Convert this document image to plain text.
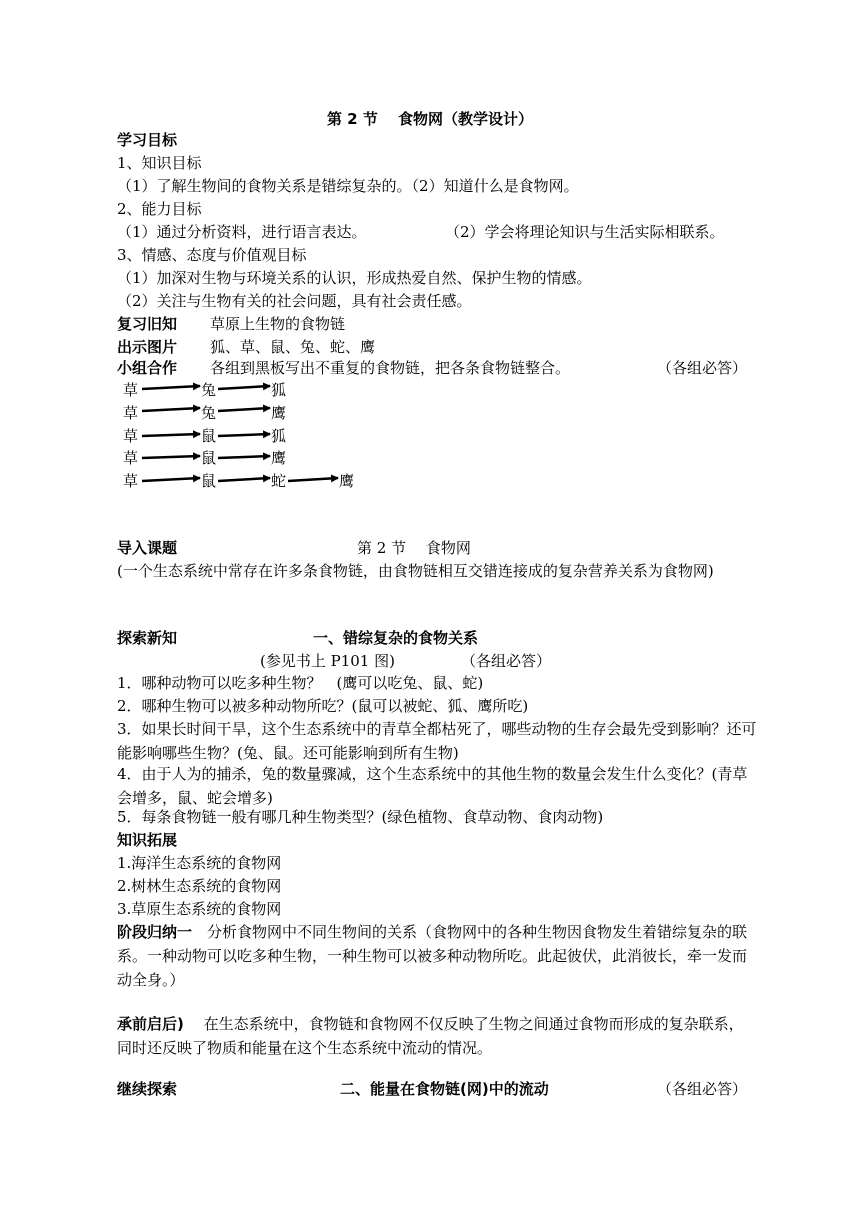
第 2 节　 食物网（教学设计）
学习目标
1、知识目标
（1）了解生物间的食物关系是错综复杂的。（2）知道什么是食物网。
2、能力目标
（1）通过分析资料，进行语言表达。	（2）学会将理论知识与生活实际相联系。
3、情感、态度与价值观目标
（1）加深对生物与环境关系的认识，形成热爱自然、保护生物的情感。
（2）关注与生物有关的社会问题，具有社会责任感。
复习旧知 草原上生物的食物链
出示图片 狐、草、鼠、兔、蛇、鹰
小组合作 各组到黑板写出不重复的食物链，把各条食物链整合。	（各组必答）
草	兔	狐
草	兔	鹰
草	鼠	狐
草	鼠	鹰
草	鼠	蛇	鹰
导入课题	第 2 节　 食物网
(一个生态系统中常存在许多条食物链，由食物链相互交错连接成的复杂营养关系为食物网)
探索新知	一、错综复杂的食物关系
(参见书上 P101 图)	（各组必答）
1．哪种动物可以吃多种生物？　(鹰可以吃兔、鼠、蛇)
2．哪种生物可以被多种动物所吃？(鼠可以被蛇、狐、鹰所吃)
3．如果长时间干旱，这个生态系统中的青草全都枯死了，哪些动物的生存会最先受到影响？还可能影响哪些生物？(兔、鼠。还可能影响到所有生物)
4．由于人为的捕杀，兔的数量骤减，这个生态系统中的其他生物的数量会发生什么变化？(青草会增多，鼠、蛇会增多)
5．每条食物链一般有哪几种生物类型？(绿色植物、食草动物、食肉动物)
知识拓展
1.海洋生态系统的食物网
2.树林生态系统的食物网
3.草原生态系统的食物网
阶段归纳一　 分析食物网中不同生物间的关系（食物网中的各种生物因食物发生着错综复杂的联系。一种动物可以吃多种生物，一种生物可以被多种动物所吃。此起彼伏，此消彼长，牵一发而动全身。）
承前启后)　 在生态系统中，食物链和食物网不仅反映了生物之间通过食物而形成的复杂联系，同时还反映了物质和能量在这个生态系统中流动的情况。
继续探索	二、能量在食物链(网)中的流动	（各组必答）
